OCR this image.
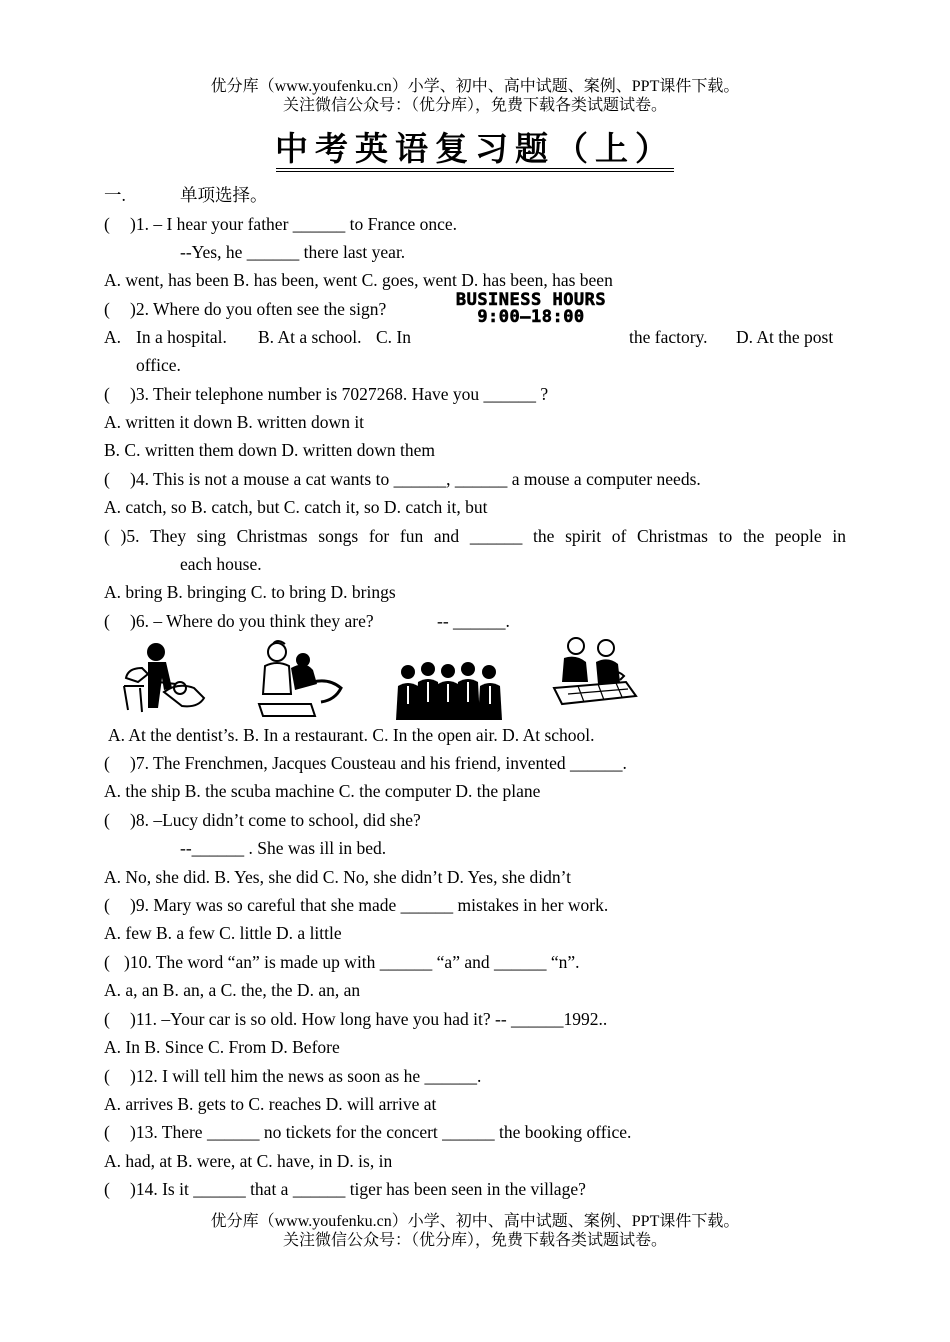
优分库（www.youfenku.cn）小学、初中、高中试题、案例、PPT课件下载。
关注微信公众号：（优分库），免费下载各类试题试卷。
中考英语复习题（上）
一.	单项选择。
( )1. – I hear your father ______ to France once.
--Yes, he ______ there last year.
A. went, has been B. has been, went C. goes, went D. has been, has been
( )2. Where do you often see the sign?	BUSINESS HOURS
9:00—18:00
A. In a hospital. B. At a school. C. In	the factory. D. At the post
office.
( )3. Their telephone number is 7027268. Have you ______ ?
A. written it down B. written down it
B. C. written them down D. written down them
( )4. This is not a mouse a cat wants to ______, ______ a mouse a computer needs.
A. catch, so B. catch, but C. catch it, so D. catch it, but
( )5. They sing Christmas songs for fun and ______ the spirit of Christmas to the people in
each house.
A. bring B. bringing C. to bring D. brings
( )6. – Where do you think they are?	-- ______.
A. At the dentist’s. B. In a restaurant. C. In the open air. D. At school.
( )7. The Frenchmen, Jacques Cousteau and his friend, invented ______.
A. the ship B. the scuba machine C. the computer D. the plane
( )8. –Lucy didn’t come to school, did she?
--______ . She was ill in bed.
A. No, she did. B. Yes, she did C. No, she didn’t D. Yes, she didn’t
( )9. Mary was so careful that she made ______ mistakes in her work.
A. few B. a few C. little D. a little
( )10. The word “an” is made up with ______ “a” and ______ “n”.
A. a, an B. an, a C. the, the D. an, an
( )11. –Your car is so old. How long have you had it? -- ______1992..
A. In B. Since C. From D. Before
( )12. I will tell him the news as soon as he ______.
A. arrives B. gets to C. reaches D. will arrive at
( )13. There ______ no tickets for the concert ______ the booking office.
A. had, at B. were, at C. have, in D. is, in
( )14. Is it ______ that a ______ tiger has been seen in the village?
优分库（www.youfenku.cn）小学、初中、高中试题、案例、PPT课件下载。
关注微信公众号：（优分库），免费下载各类试题试卷。
